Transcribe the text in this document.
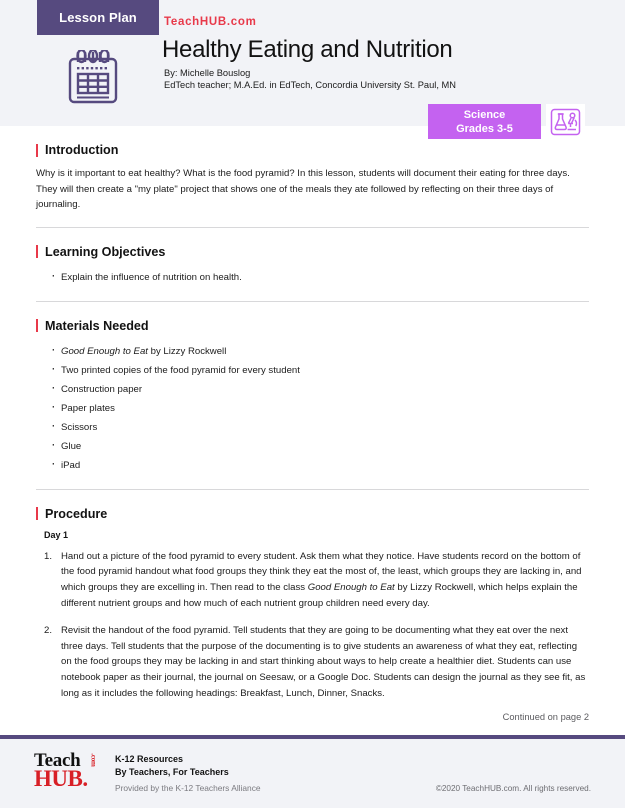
Lesson Plan TeachHUB.com
Healthy Eating and Nutrition
By: Michelle Bouslog
EdTech teacher; M.A.Ed. in EdTech, Concordia University St. Paul, MN
Science
Grades 3-5
Introduction

Why is it important to eat healthy? What is the food pyramid? In this lesson, students will document their eating for three days. They will then create a "my plate" project that shows one of the meals they ate followed by reflecting on their three days of journaling.

Learning Objectives
· Explain the influence of nutrition on health.
Materials Needed
· Good Enough to Eat by Lizzy Rockwell
· Two printed copies of the food pyramid for every student
· Construction paper
· Paper plates
· Scissors
· Glue
· iPad
Procedure
Day 1
1. Hand out a picture of the food pyramid to every student. Ask them what they notice. Have students record on the bottom of the food pyramid handout what food groups they think they eat the most of, the least, which groups they are lacking in, and which groups they are excelling in. Then read to the class Good Enough to Eat by Lizzy Rockwell, which helps explain the different nutrient groups and how much of each nutrient group children need every day.
2. Revisit the handout of the food pyramid. Tell students that they are going to be documenting what they eat over the next three days. Tell students that the purpose of the documenting is to give students an awareness of what they eat, reflecting on the food groups they may be lacking in and start thinking about ways to help create a healthier diet. Students can use notebook paper as their journal, the journal on Seesaw, or a Google Doc. Students can design the journal as they see fit, as long as it includes the following headings: Breakfast, Lunch, Dinner, Snacks.
Continued on page 2
Teach
HUB.
.com K-12 Resources
By Teachers, For Teachers
Provided by the K-12 Teachers Alliance	©2020 TeachHUB.com. All rights reserved.
